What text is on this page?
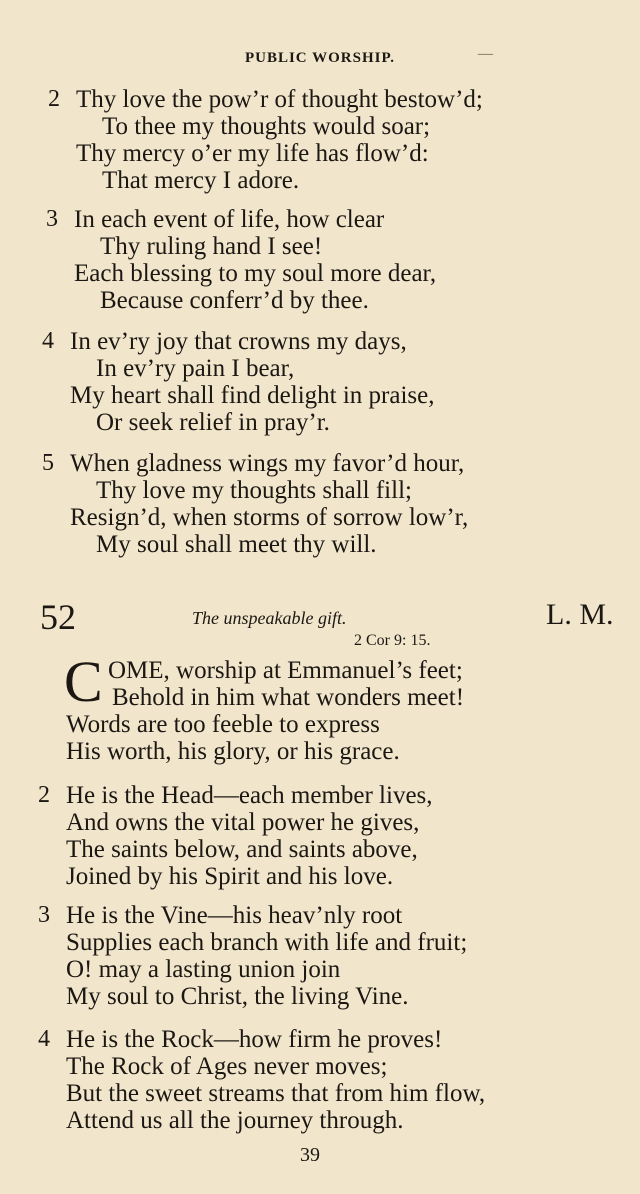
PUBLIC WORSHIP.	—
2 Thy love the pow’r of thought bestow’d;
To thee my thoughts would soar;
Thy mercy o’er my life has flow’d:
That mercy I adore.
3 In each event of life, how clear
Thy ruling hand I see!
Each blessing to my soul more dear,
Because conferr’d by thee.
4 In ev’ry joy that crowns my days,
In ev’ry pain I bear,
My heart shall find delight in praise,
Or seek relief in pray’r.
5 When gladness wings my favor’d hour,
Thy love my thoughts shall fill;
Resign’d, when storms of sorrow low’r,
My soul shall meet thy will.
52	The unspeakable gift.	L. M.
2 Cor 9: 15.
C OME, worship at Emmanuel’s feet;
Behold in him what wonders meet!
Words are too feeble to express
His worth, his glory, or his grace.
2 He is the Head—each member lives,
And owns the vital power he gives,
The saints below, and saints above,
Joined by his Spirit and his love.
3 He is the Vine—his heav’nly root
Supplies each branch with life and fruit;
O! may a lasting union join
My soul to Christ, the living Vine.
4 He is the Rock—how firm he proves!
The Rock of Ages never moves;
But the sweet streams that from him flow,
Attend us all the journey through.
39
